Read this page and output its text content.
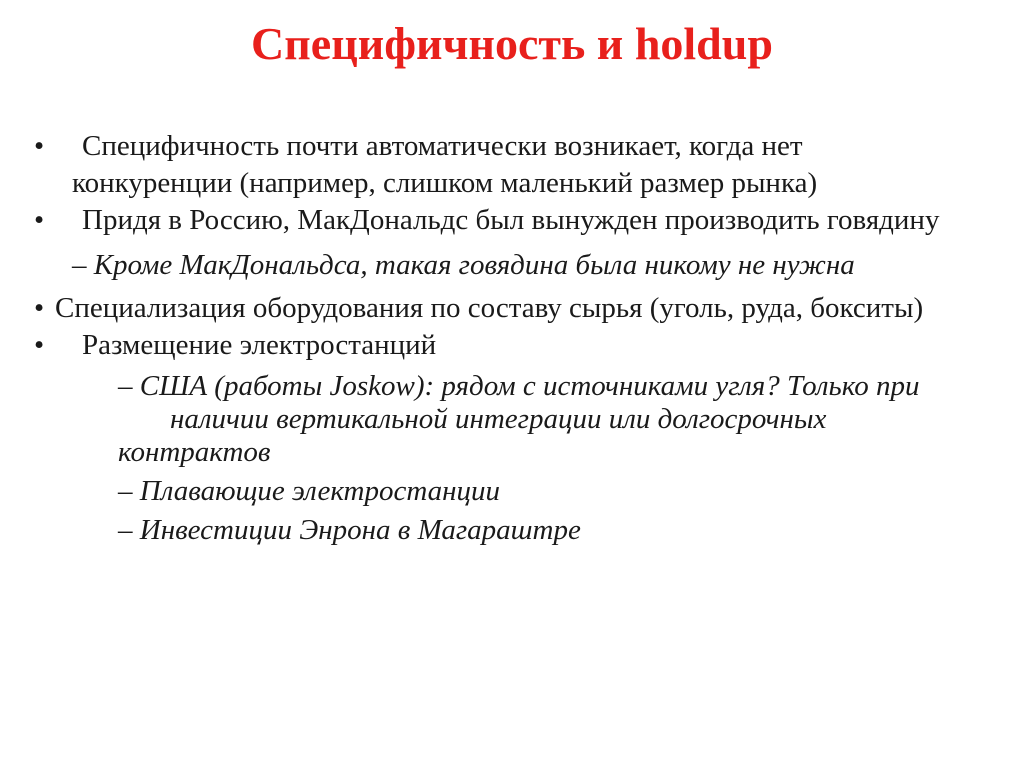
Специфичность и holdup
•	Специфичность почти автоматически возникает, когда нет конкуренции (например, слишком маленький размер рынка)
•	Придя в Россию, МакДональдс был вынужден производить говядину
– Кроме МакДональдса, такая говядина была никому не нужна
• Специализация оборудования по составу сырья (уголь, руда, бокситы)
•	Размещение электростанций
– США (работы Joskow): рядом с источниками угля? Только приналичии вертикальной интеграции или долгосрочных контрактов
– Плавающие электростанции
– Инвестиции Энрона в Магараштре
